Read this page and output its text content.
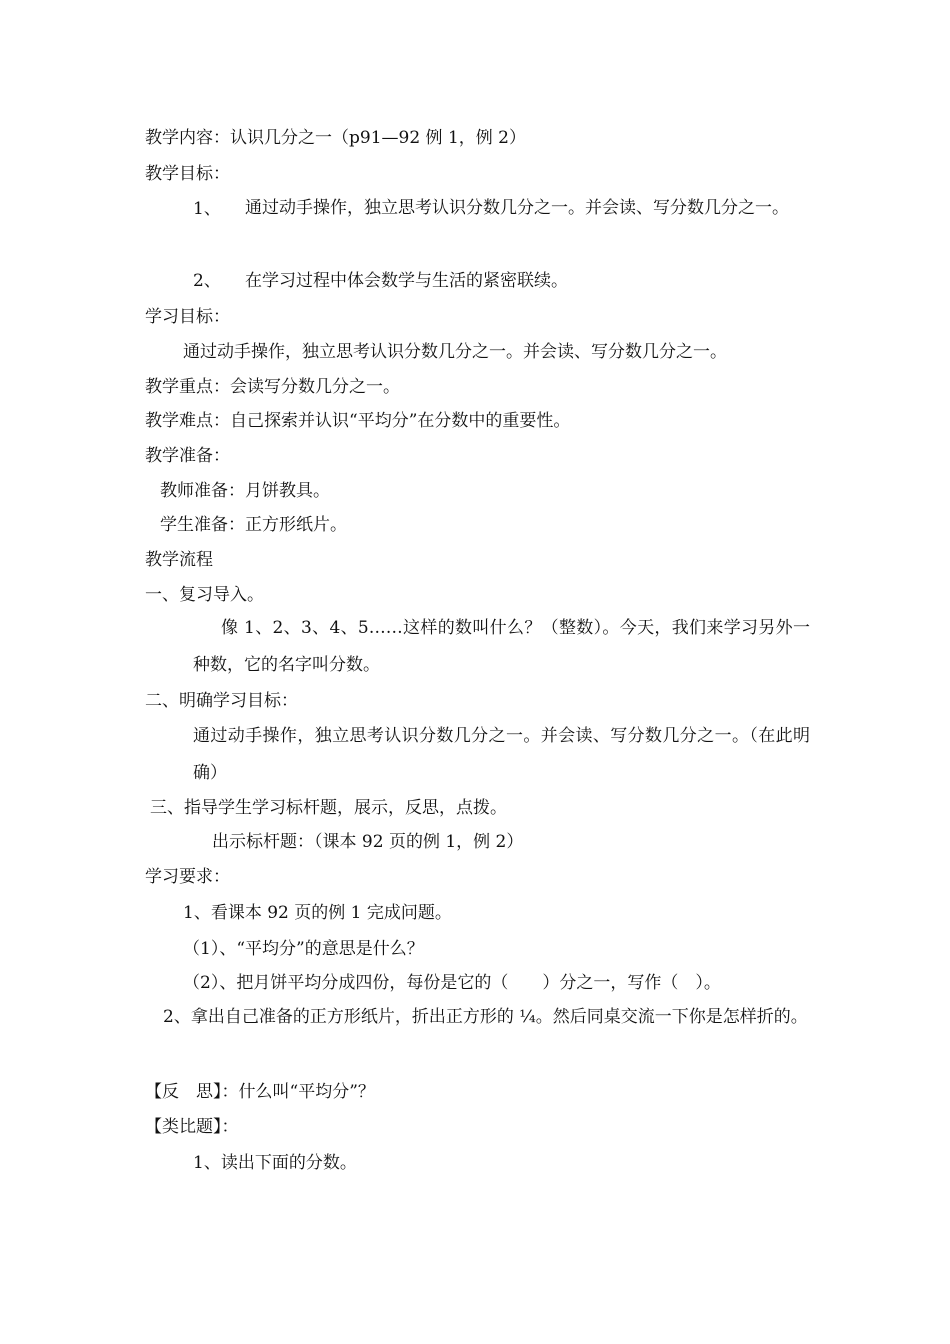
教学内容：认识几分之一（p91—92 例 1，例 2）
教学目标：
1、	通过动手操作，独立思考认识分数几分之一。并会读、写分数几分之一。
2、	在学习过程中体会数学与生活的紧密联续。
学习目标：
通过动手操作，独立思考认识分数几分之一。并会读、写分数几分之一。
教学重点：会读写分数几分之一。
教学难点：自己探索并认识“平均分”在分数中的重要性。
教学准备：
教师准备：月饼教具。
学生准备：正方形纸片。
教学流程
一、复习导入。
像 1、2、3、4、5……这样的数叫什么？（整数）。今天，我们来学习另外一种数，它的名字叫分数。
二、明确学习目标：
通过动手操作，独立思考认识分数几分之一。并会读、写分数几分之一。（在此明确）
三、指导学生学习标杆题，展示，反思，点拨。
出示标杆题：（课本 92 页的例 1，例 2）
学习要求：
1、看课本 92 页的例 1 完成问题。
（1）、“平均分”的意思是什么？
（2）、把月饼平均分成四份，每份是它的（　　）分之一，写作（　）。
2、拿出自己准备的正方形纸片，折出正方形的 ¼。然后同桌交流一下你是怎样折的。
【反　思】：什么叫“平均分”？
【类比题】：
1、读出下面的分数。
